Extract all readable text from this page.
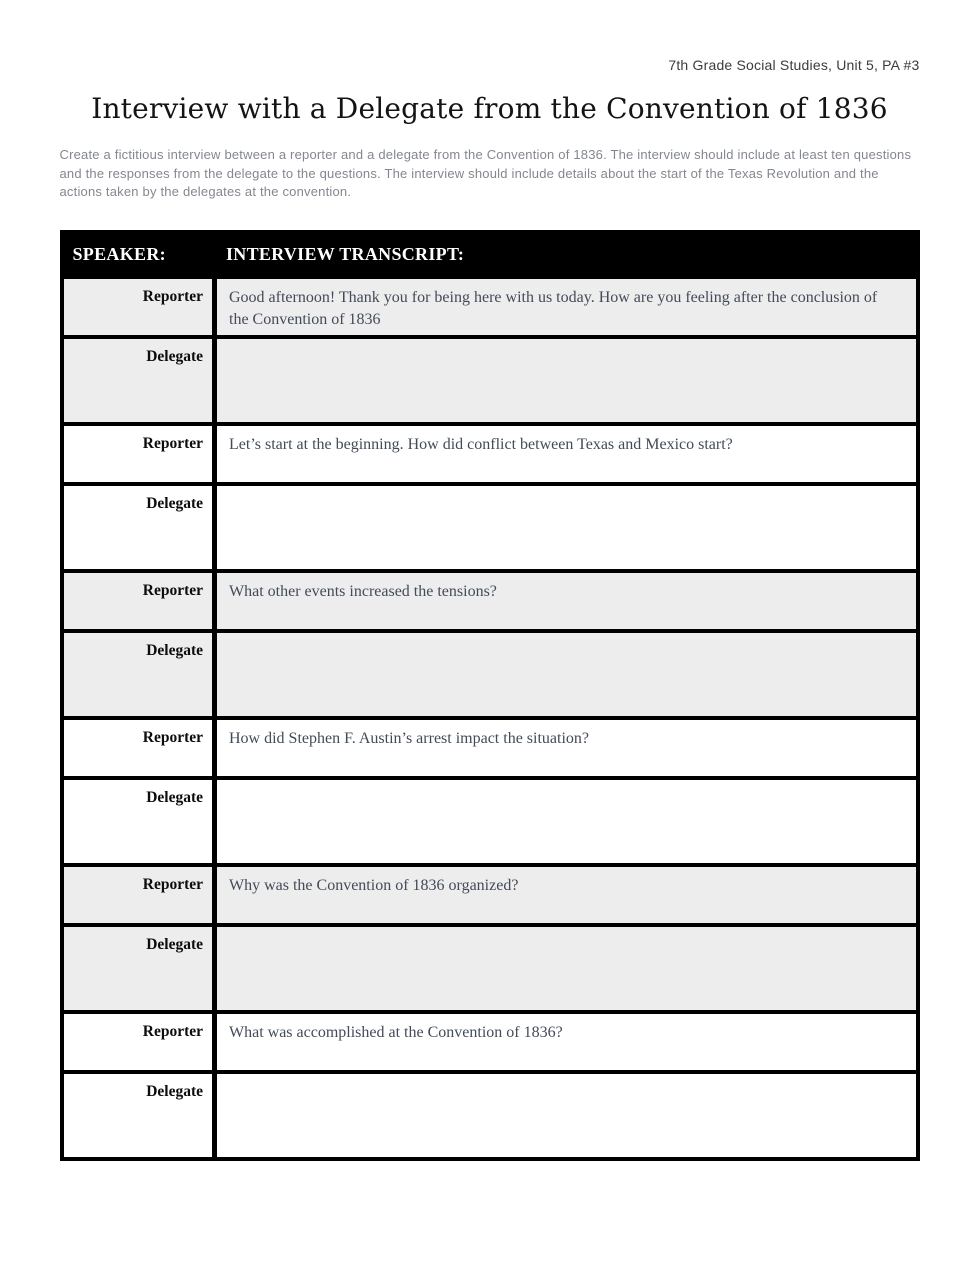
7th Grade Social Studies, Unit 5, PA #3
Interview with a Delegate from the Convention of 1836

Create a fictitious interview between a reporter and a delegate from the Convention of 1836. The interview should include at least ten questions and the responses from the delegate to the questions. The interview should include details about the start of the Texas Revolution and the actions taken by the delegates at the convention.

SPEAKER:	INTERVIEW TRANSCRIPT:
Reporter	Good afternoon! Thank you for being here with us today. How are you feeling after the conclusion of the Convention of 1836
Delegate	
Reporter	Let’s start at the beginning. How did conflict between Texas and Mexico start?
Delegate	
Reporter	What other events increased the tensions?
Delegate	
Reporter	How did Stephen F. Austin’s arrest impact the situation?
Delegate	
Reporter	Why was the Convention of 1836 organized?
Delegate	
Reporter	What was accomplished at the Convention of 1836?
Delegate	
